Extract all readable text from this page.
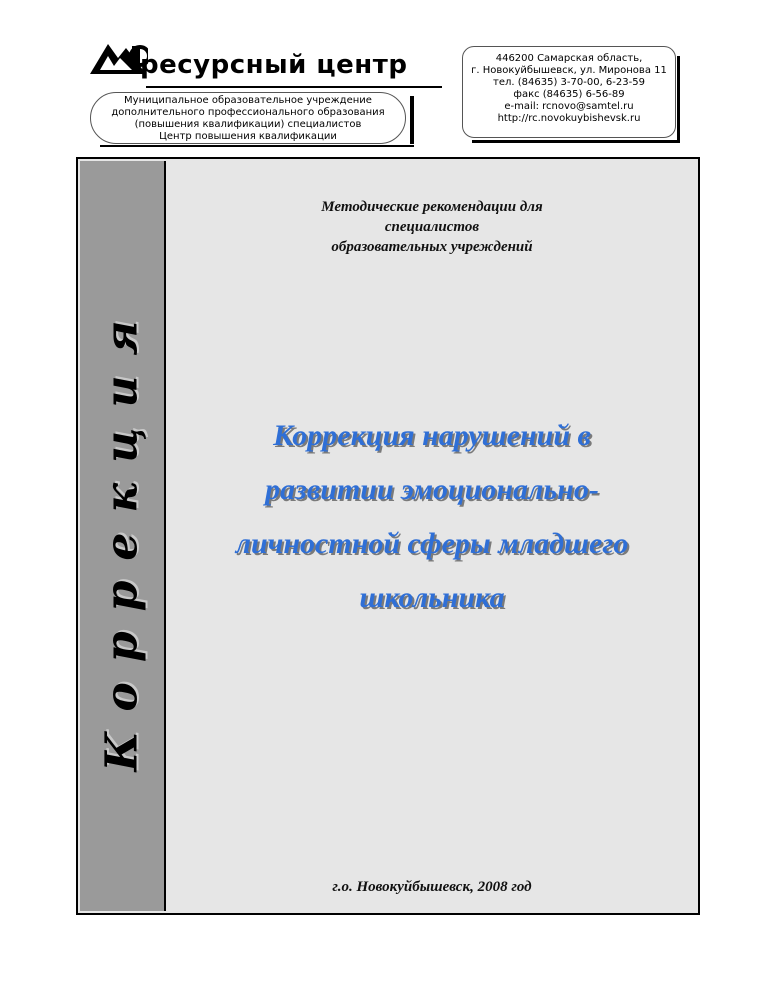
ресурсный центр
Муниципальное образовательное учреждение
дополнительного профессионального образования
(повышения квалификации) специалистов
Центр повышения квалификации
446200 Самарская область,
г. Новокуйбышевск, ул. Миронова 11
тел. (84635) 3-70-00, 6-23-59
факс (84635) 6-56-89
e-mail: rcnovo@samtel.ru
http://rc.novokuybishevsk.ru
Коррекция
Методические рекомендации для
специалистов
образовательных учреждений
Коррекция нарушений в
развитии эмоционально-
личностной сферы младшего
школьника
г.о. Новокуйбышевск, 2008 год
